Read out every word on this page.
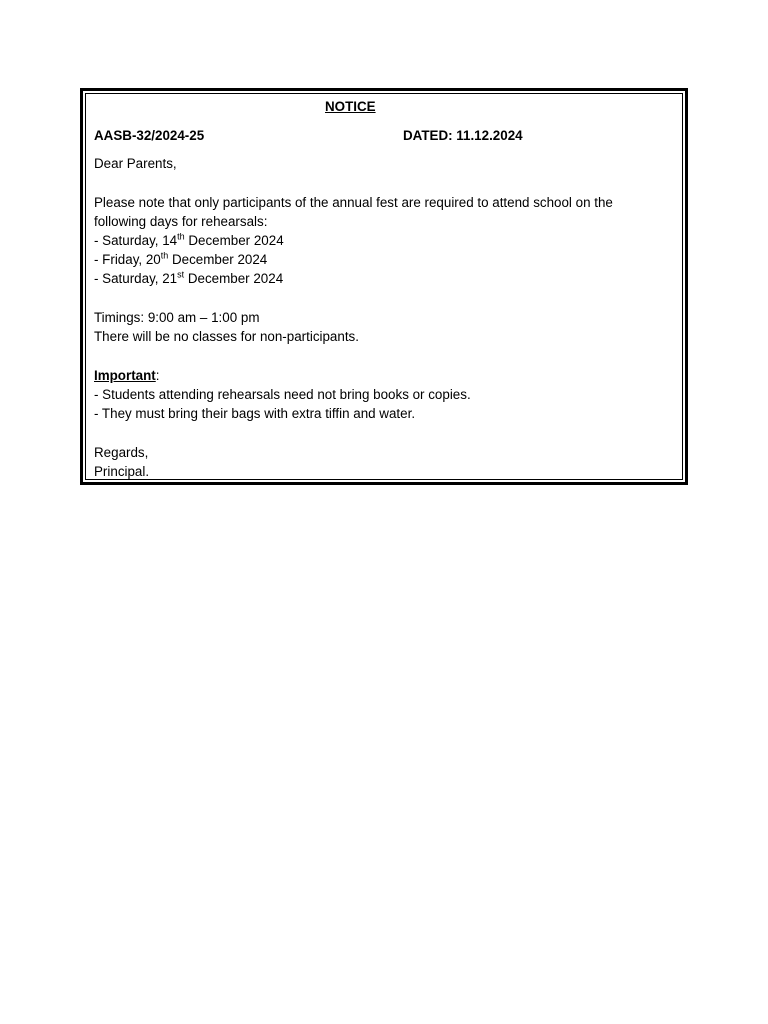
NOTICE
AASB-32/2024-25	DATED: 11.12.2024
Dear Parents,
Please note that only participants of the annual fest are required to attend school on the
following days for rehearsals:
- Saturday, 14th December 2024
- Friday, 20th December 2024
- Saturday, 21st December 2024
Timings: 9:00 am – 1:00 pm
There will be no classes for non-participants.
Important:
- Students attending rehearsals need not bring books or copies.
- They must bring their bags with extra tiffin and water.
Regards,
Principal.
